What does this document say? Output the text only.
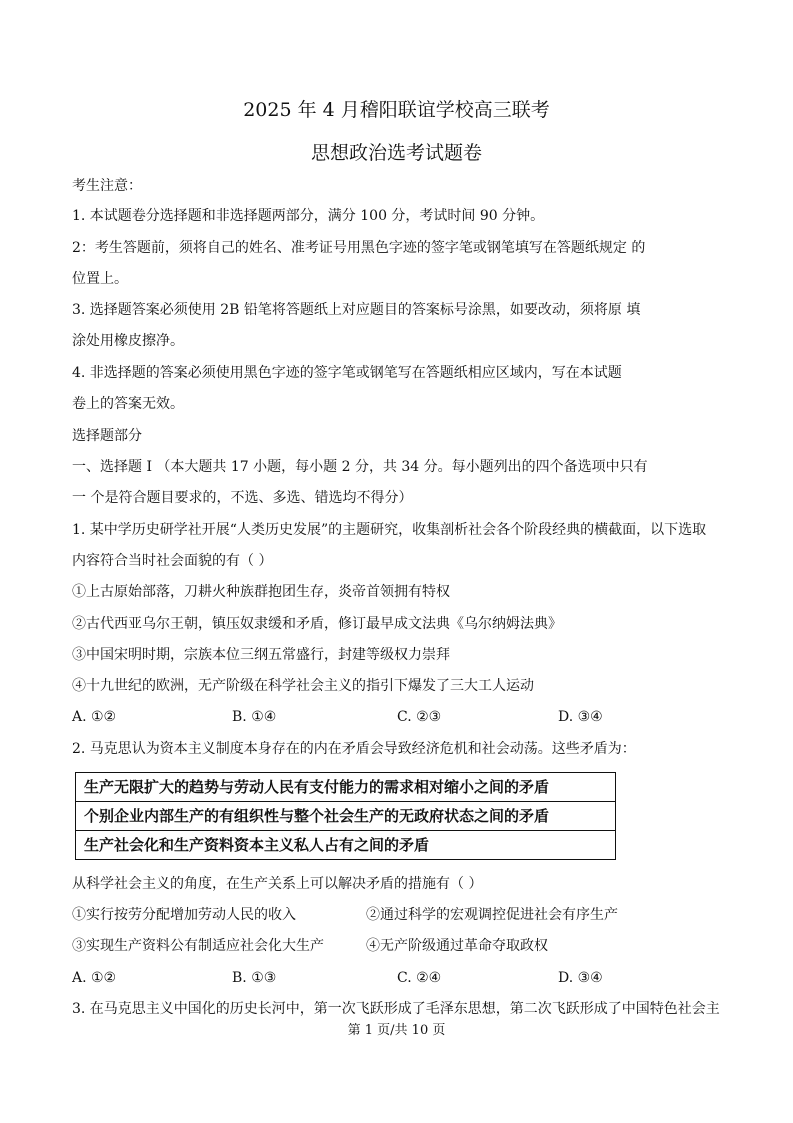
2025 年 4 月稽阳联谊学校高三联考
思想政治选考试题卷
考生注意：
1. 本试题卷分选择题和非选择题两部分，满分 100 分，考试时间 90 分钟。
2：考生答题前，须将自己的姓名、准考证号用黑色字迹的签字笔或钢笔填写在答题纸规定 的
位置上。
3. 选择题答案必须使用 2B 铅笔将答题纸上对应题目的答案标号涂黑，如要改动，须将原 填
涂处用橡皮擦净。
4. 非选择题的答案必须使用黑色字迹的签字笔或钢笔写在答题纸相应区域内，写在本试题
卷上的答案无效。
选择题部分
一、选择题 I （本大题共 17 小题，每小题 2 分，共 34 分。每小题列出的四个备选项中只有
一 个是符合题目要求的，不选、多选、错选均不得分）
1. 某中学历史研学社开展“人类历史发展”的主题研究，收集剖析社会各个阶段经典的横截面，以下选取
内容符合当时社会面貌的有（ ）
①上古原始部落，刀耕火种族群抱团生存，炎帝首领拥有特权
②古代西亚乌尔王朝，镇压奴隶缓和矛盾，修订最早成文法典《乌尔纳姆法典》
③中国宋明时期，宗族本位三纲五常盛行，封建等级权力崇拜
④十九世纪的欧洲，无产阶级在科学社会主义的指引下爆发了三大工人运动
A. ①②	B. ①④	C. ②③	D. ③④
2. 马克思认为资本主义制度本身存在的内在矛盾会导致经济危机和社会动荡。这些矛盾为：
生产无限扩大的趋势与劳动人民有支付能力的需求相对缩小之间的矛盾
个别企业内部生产的有组织性与整个社会生产的无政府状态之间的矛盾
生产社会化和生产资料资本主义私人占有之间的矛盾
从科学社会主义的角度，在生产关系上可以解决矛盾的措施有（ ）
①实行按劳分配增加劳动人民的收入	②通过科学的宏观调控促进社会有序生产
③实现生产资料公有制适应社会化大生产	④无产阶级通过革命夺取政权
A. ①②	B. ①③	C. ②④	D. ③④
3. 在马克思主义中国化的历史长河中，第一次飞跃形成了毛泽东思想，第二次飞跃形成了中国特色社会主
第 1 页/共 10 页
